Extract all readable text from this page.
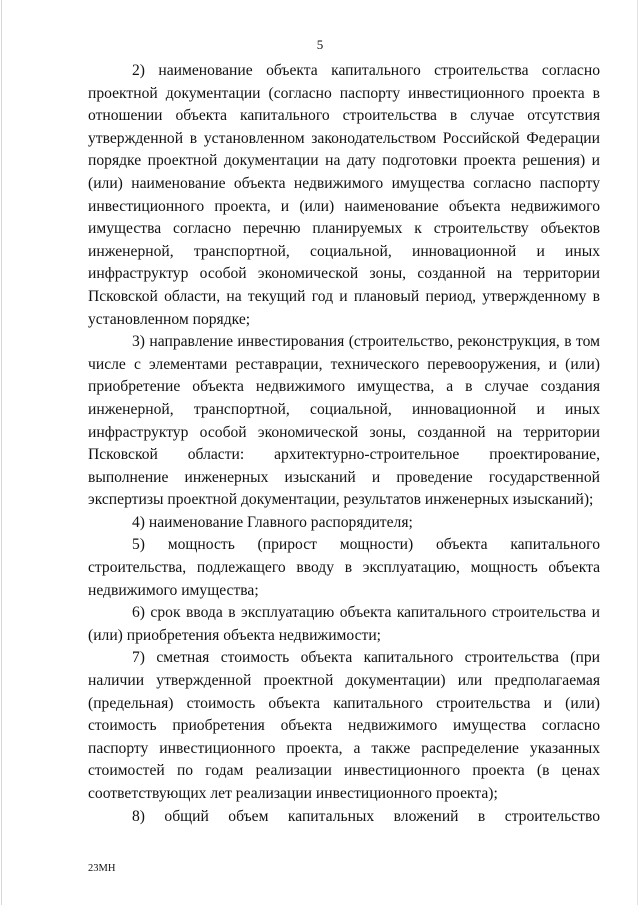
5

2) наименование объекта капитального строительства согласно проектной документации (согласно паспорту инвестиционного проекта в отношении объекта капитального строительства в случае отсутствия утвержденной в установленном законодательством Российской Федерации порядке проектной документации на дату подготовки проекта решения) и (или) наименование объекта недвижимого имущества согласно паспорту инвестиционного проекта, и (или) наименование объекта недвижимого имущества согласно перечню планируемых к строительству объектов инженерной, транспортной, социальной, инновационной и иных инфраструктур особой экономической зоны, созданной на территории Псковской области, на текущий год и плановый период, утвержденному в установленном порядке;

3) направление инвестирования (строительство, реконструкция, в том числе с элементами реставрации, технического перевооружения, и (или) приобретение объекта недвижимого имущества, а в случае создания инженерной, транспортной, социальной, инновационной и иных инфраструктур особой экономической зоны, созданной на территории Псковской области: архитектурно-строительное проектирование, выполнение инженерных изысканий и проведение государственной экспертизы проектной документации, результатов инженерных изысканий);

4) наименование Главного распорядителя;

5) мощность (прирост мощности) объекта капитального строительства, подлежащего вводу в эксплуатацию, мощность объекта недвижимого имущества;

6) срок ввода в эксплуатацию объекта капитального строительства и (или) приобретения объекта недвижимости;

7) сметная стоимость объекта капитального строительства (при наличии утвержденной проектной документации) или предполагаемая (предельная) стоимость объекта капитального строительства и (или) стоимость приобретения объекта недвижимого имущества согласно паспорту инвестиционного проекта, а также распределение указанных стоимостей по годам реализации инвестиционного проекта (в ценах соответствующих лет реализации инвестиционного проекта);

8) общий объем капитальных вложений в строительство

23МН
